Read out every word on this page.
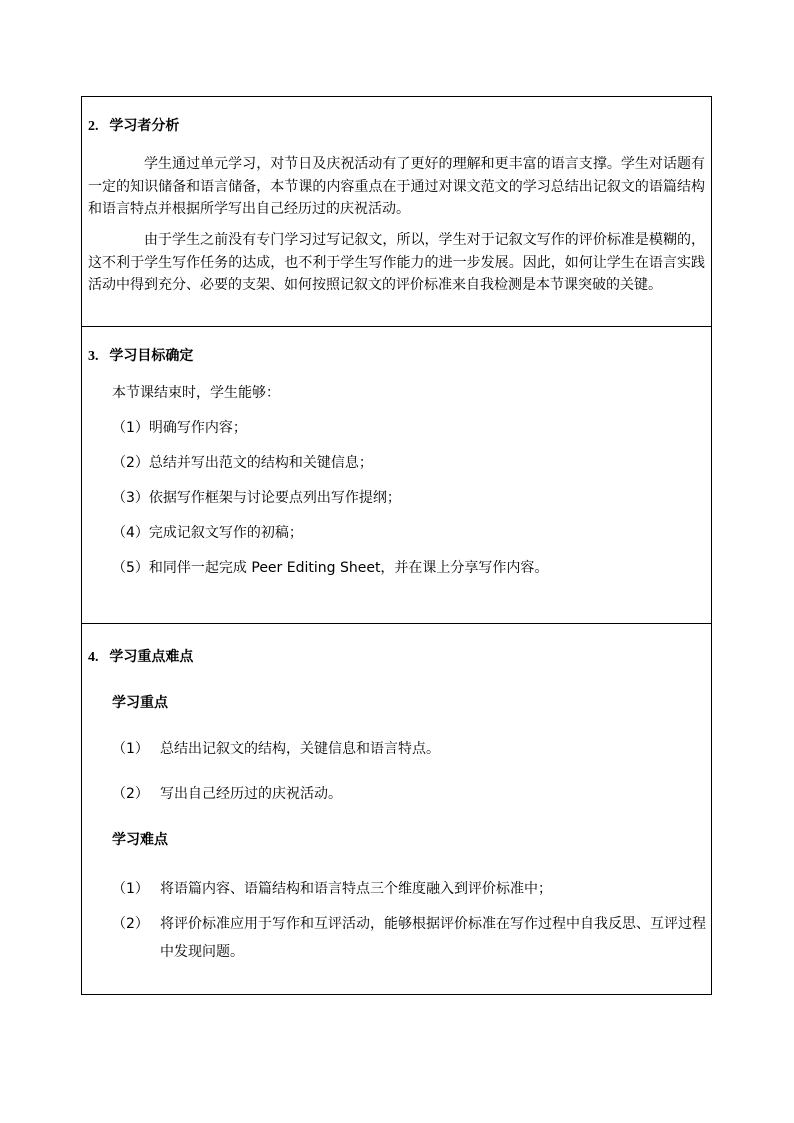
2. 学习者分析
学生通过单元学习，对节日及庆祝活动有了更好的理解和更丰富的语言支撑。学生对话题有一定的知识储备和语言储备，本节课的内容重点在于通过对课文范文的学习总结出记叙文的语篇结构和语言特点并根据所学写出自己经历过的庆祝活动。
由于学生之前没有专门学习过写记叙文，所以，学生对于记叙文写作的评价标准是模糊的，这不利于学生写作任务的达成，也不利于学生写作能力的进一步发展。因此，如何让学生在语言实践活动中得到充分、必要的支架、如何按照记叙文的评价标准来自我检测是本节课突破的关键。
3. 学习目标确定
本节课结束时，学生能够：
（1）明确写作内容；
（2）总结并写出范文的结构和关键信息；
（3）依据写作框架与讨论要点列出写作提纲；
（4）完成记叙文写作的初稿；
（5）和同伴一起完成 Peer Editing Sheet，并在课上分享写作内容。
4. 学习重点难点
学习重点
（1） 总结出记叙文的结构，关键信息和语言特点。
（2） 写出自己经历过的庆祝活动。
学习难点
（1） 将语篇内容、语篇结构和语言特点三个维度融入到评价标准中；
（2） 将评价标准应用于写作和互评活动，能够根据评价标准在写作过程中自我反思、互评过程中发现问题。
